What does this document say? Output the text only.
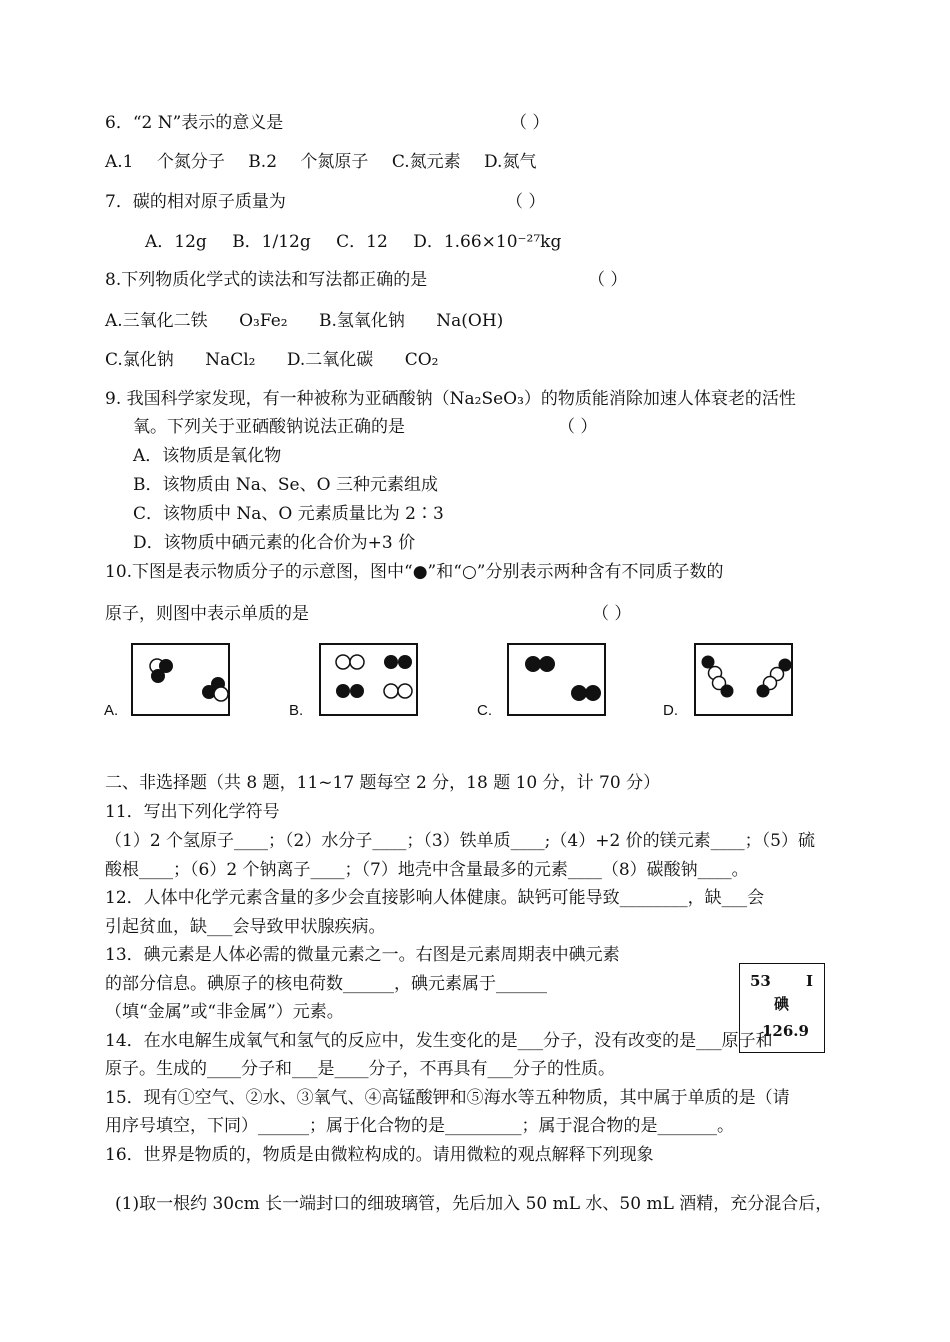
6．“2 N”表示的意义是	（ ）
A.1 个氮分子 B.2 个氮原子 C.氮元素 D.氮气
7．碳的相对原子质量为	（ ）
A．12g B．1/12g C．12 D．1.66×10⁻²⁷kg
8.下列物质化学式的读法和写法都正确的是	（ ）
A.三氧化二铁 O₃Fe₂ B.氢氧化钠 Na(OH)
C.氯化钠 NaCl₂ D.二氧化碳 CO₂
9. 我国科学家发现，有一种被称为亚硒酸钠（Na₂SeO₃）的物质能消除加速人体衰老的活性
氧。下列关于亚硒酸钠说法正确的是	（ ）
A．该物质是氧化物
B．该物质由 Na、Se、O 三种元素组成
C．该物质中 Na、O 元素质量比为 2∶3
D．该物质中硒元素的化合价为+3 价
10.下图是表示物质分子的示意图，图中“●”和“○”分别表示两种含有不同质子数的
原子，则图中表示单质的是	（ ）
A.	B.	C.	D.
二、非选择题（共 8 题，11~17 题每空 2 分，18 题 10 分，计 70 分）
11．写出下列化学符号
（1）2 个氢原子____；（2）水分子____；（3）铁单质____;（4）+2 价的镁元素____；（5）硫
酸根____；（6）2 个钠离子____；（7）地壳中含量最多的元素____（8）碳酸钠____。
12．人体中化学元素含量的多少会直接影响人体健康。缺钙可能导致________，缺___会
引起贫血，缺___会导致甲状腺疾病。
13．碘元素是人体必需的微量元素之一。右图是元素周期表中碘元素
的部分信息。碘原子的核电荷数______，碘元素属于______
（填“金属”或“非金属”）元素。
53 I
碘
126.9
14．在水电解生成氧气和氢气的反应中，发生变化的是___分子，没有改变的是___原子和
原子。生成的____分子和___是____分子，不再具有___分子的性质。
15．现有①空气、②水、③氧气、④高锰酸钾和⑤海水等五种物质，其中属于单质的是（请
用序号填空，下同）______；属于化合物的是_________；属于混合物的是_______。
16．世界是物质的，物质是由微粒构成的。请用微粒的观点解释下列现象
(1)取一根约 30cm 长一端封口的细玻璃管，先后加入 50 mL 水、50 mL 酒精，充分混合后，
